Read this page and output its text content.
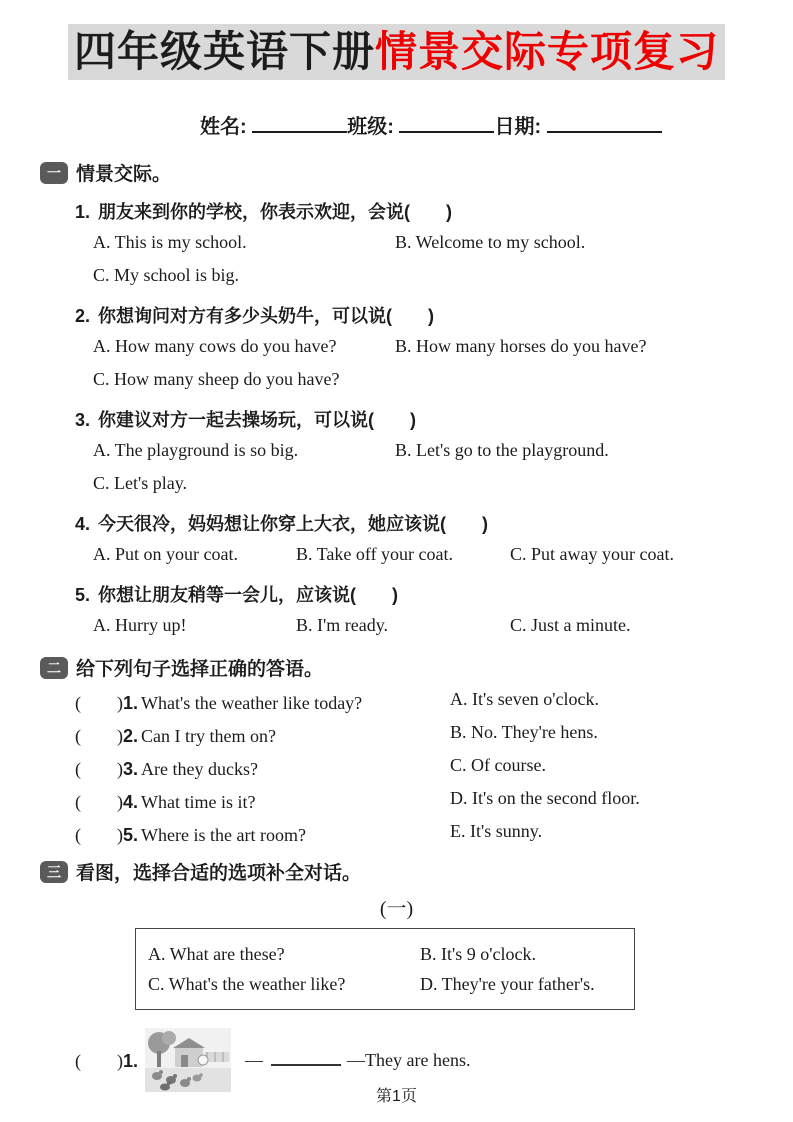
四年级英语下册情景交际专项复习
姓名:	班级:	日期:
一 情景交际。
1. 朋友来到你的学校，你表示欢迎，会说(　　)
A. This is my school.	B. Welcome to my school.
C. My school is big.
2. 你想询问对方有多少头奶牛，可以说(　　)
A. How many cows do you have?	B. How many horses do you have?
C. How many sheep do you have?
3. 你建议对方一起去操场玩，可以说(　　)
A. The playground is so big.	B. Let's go to the playground.
C. Let's play.
4. 今天很冷，妈妈想让你穿上大衣，她应该说(　　)
A. Put on your coat.	B. Take off your coat.	C. Put away your coat.
5. 你想让朋友稍等一会儿，应该说(　　)
A. Hurry up!	B. I'm ready.	C. Just a minute.
二 给下列句子选择正确的答语。
(　　)1. What's the weather like today?	A. It's seven o'clock.
(　　)2. Can I try them on?	B. No. They're hens.
(　　)3. Are they ducks?	C. Of course.
(　　)4. What time is it?	D. It's on the second floor.
(　　)5. Where is the art room?	E. It's sunny.
三 看图，选择合适的选项补全对话。
(一)
A. What are these?	B. It's 9 o'clock.
C. What's the weather like?	D. They're your father's.
(　　)1.	—	—They are hens.
第1页
